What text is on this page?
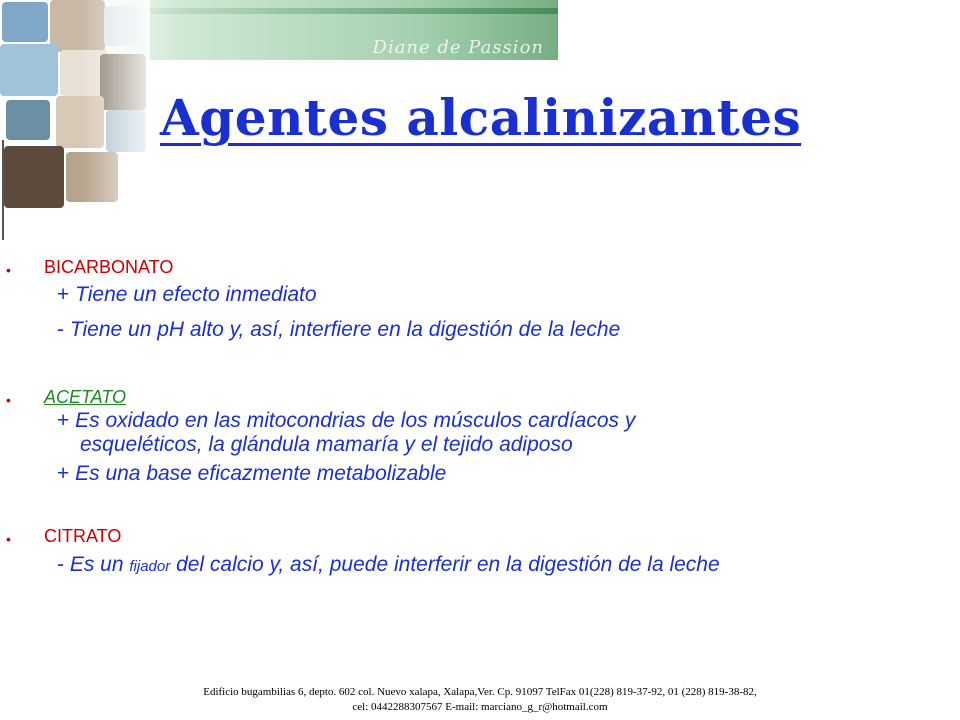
Diane de Passion
Agentes alcalinizantes
• BICARBONATO
+ Tiene un efecto inmediato
- Tiene un pH alto y, así, interfiere en la digestión de la leche
• ACETATO
+ Es oxidado en las mitocondrias de los músculos cardíacos y
esqueléticos, la glándula mamaría y el tejido adiposo
+ Es una base eficazmente metabolizable
• CITRATO
- Es un fijador del calcio y, así, puede interferir en la digestión de la leche
Edificio bugambilias 6, depto. 602 col. Nuevo xalapa, Xalapa,Ver. Cp. 91097 TelFax 01(228) 819-37-92, 01 (228) 819-38-82,
cel: 0442288307567 E-mail: marciano_g_r@hotmail.com
